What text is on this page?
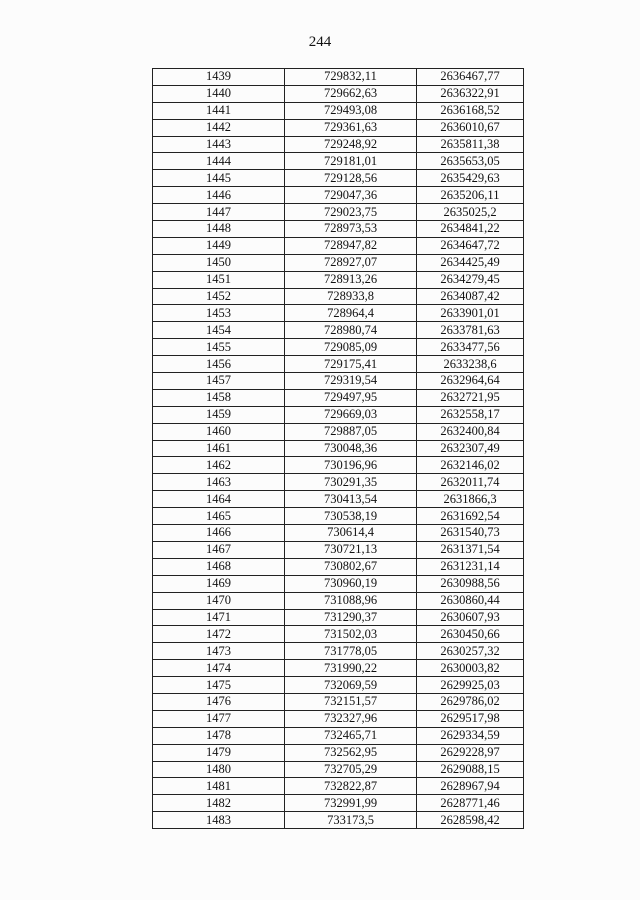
244
1439	729832,11	2636467,77
1440	729662,63	2636322,91
1441	729493,08	2636168,52
1442	729361,63	2636010,67
1443	729248,92	2635811,38
1444	729181,01	2635653,05
1445	729128,56	2635429,63
1446	729047,36	2635206,11
1447	729023,75	2635025,2
1448	728973,53	2634841,22
1449	728947,82	2634647,72
1450	728927,07	2634425,49
1451	728913,26	2634279,45
1452	728933,8	2634087,42
1453	728964,4	2633901,01
1454	728980,74	2633781,63
1455	729085,09	2633477,56
1456	729175,41	2633238,6
1457	729319,54	2632964,64
1458	729497,95	2632721,95
1459	729669,03	2632558,17
1460	729887,05	2632400,84
1461	730048,36	2632307,49
1462	730196,96	2632146,02
1463	730291,35	2632011,74
1464	730413,54	2631866,3
1465	730538,19	2631692,54
1466	730614,4	2631540,73
1467	730721,13	2631371,54
1468	730802,67	2631231,14
1469	730960,19	2630988,56
1470	731088,96	2630860,44
1471	731290,37	2630607,93
1472	731502,03	2630450,66
1473	731778,05	2630257,32
1474	731990,22	2630003,82
1475	732069,59	2629925,03
1476	732151,57	2629786,02
1477	732327,96	2629517,98
1478	732465,71	2629334,59
1479	732562,95	2629228,97
1480	732705,29	2629088,15
1481	732822,87	2628967,94
1482	732991,99	2628771,46
1483	733173,5	2628598,42
